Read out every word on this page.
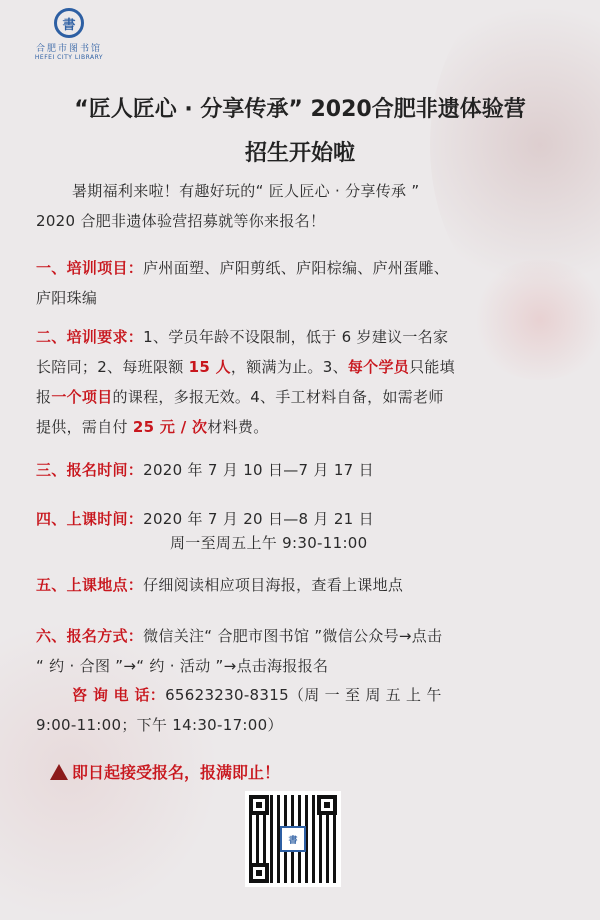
書
合肥市图书馆
HEFEI CITY LIBRARY
“匠人匠心 · 分享传承” 2020合肥非遗体验营
招生开始啦
暑期福利来啦！有趣好玩的“ 匠人匠心 · 分享传承 ”
2020 合肥非遗体验营招募就等你来报名！
一、培训项目：庐州面塑、庐阳剪纸、庐阳棕编、庐州蛋雕、
庐阳珠编
二、培训要求：1、学员年龄不设限制，低于 6 岁建议一名家
长陪同；2、每班限额 15 人，额满为止。3、每个学员只能填
报一个项目的课程，多报无效。4、手工材料自备，如需老师
提供，需自付 25 元 / 次材料费。
三、报名时间：2020 年 7 月 10 日—7 月 17 日
四、上课时间：2020 年 7 月 20 日—8 月 21 日
周一至周五上午 9:30-11:00
五、上课地点：仔细阅读相应项目海报，查看上课地点
六、报名方式：微信关注“ 合肥市图书馆 ”微信公众号→点击
“ 约 · 合图 ”→“ 约 · 活动 ”→点击海报报名
咨 询 电 话：65623230-8315（周 一 至 周 五 上 午
9:00-11:00；下午 14:30-17:00）
即日起接受报名，报满即止！
書
